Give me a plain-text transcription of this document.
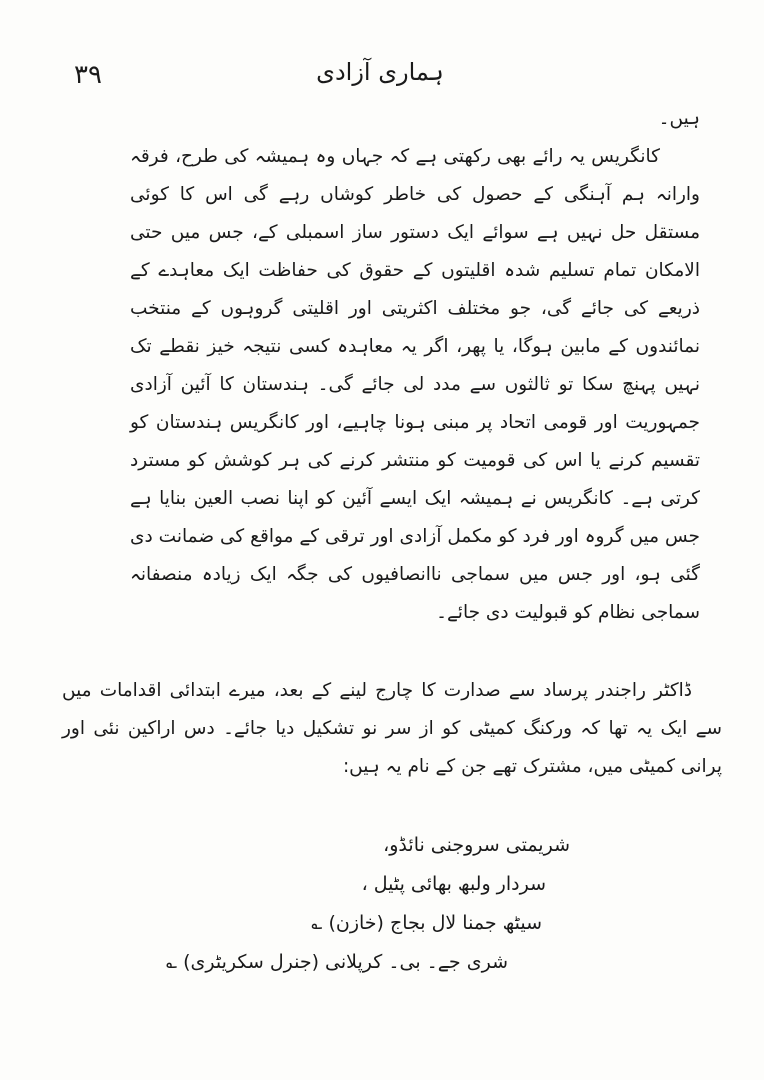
۳۹	ہماری آزادی
ہیں۔
کانگریس یہ رائے بھی رکھتی ہے کہ جہاں وہ ہمیشہ کی طرح، فرقہ وارانہ ہم آہنگی کے حصول کی خاطر کوشاں رہے گی اس کا کوئی مستقل حل نہیں ہے سوائے ایک دستور ساز اسمبلی کے، جس میں حتی الامکان تمام تسلیم شدہ اقلیتوں کے حقوق کی حفاظت ایک معاہدے کے ذریعے کی جائے گی، جو مختلف اکثریتی اور اقلیتی گروہوں کے منتخب نمائندوں کے مابین ہوگا، یا پھر، اگر یہ معاہدہ کسی نتیجہ خیز نقطے تک نہیں پہنچ سکا تو ثالثوں سے مدد لی جائے گی۔ ہندستان کا آئین آزادی جمہوریت اور قومی اتحاد پر مبنی ہونا چاہیے، اور کانگریس ہندستان کو تقسیم کرنے یا اس کی قومیت کو منتشر کرنے کی ہر کوشش کو مسترد کرتی ہے۔ کانگریس نے ہمیشہ ایک ایسے آئین کو اپنا نصب العین بنایا ہے جس میں گروہ اور فرد کو مکمل آزادی اور ترقی کے مواقع کی ضمانت دی گئی ہو، اور جس میں سماجی ناانصافیوں کی جگہ ایک زیادہ منصفانہ سماجی نظام کو قبولیت دی جائے۔
ڈاکٹر راجندر پرساد سے صدارت کا چارج لینے کے بعد، میرے ابتدائی اقدامات میں سے ایک یہ تھا کہ ورکنگ کمیٹی کو از سر نو تشکیل دیا جائے۔ دس اراکین نئی اور پرانی کمیٹی میں، مشترک تھے جن کے نام یہ ہیں:
شریمتی سروجنی نائڈو،
سردار ولبھ بھائی پٹیل ،
سیٹھ جمنا لال بجاج (خازن) ؎
شری جے۔ بی۔ کرپلانی (جنرل سکریٹری) ؎
